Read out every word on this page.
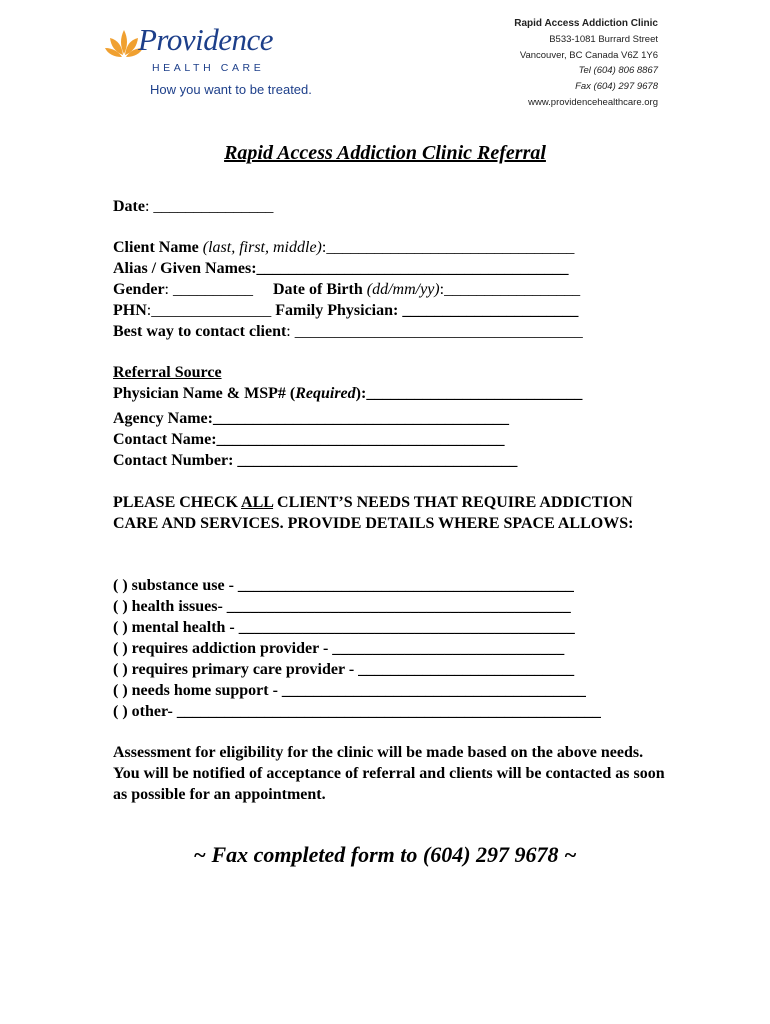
Providence
HEALTH CARE
How you want to be treated.
Rapid Access Addiction Clinic
B533-1081 Burrard Street
Vancouver, BC Canada V6Z 1Y6
Tel (604) 806 8867
Fax (604) 297 9678
www.providencehealthcare.org
Rapid Access Addiction Clinic Referral
Date: _______________
Client Name (last, first, middle):_______________________________
Alias / Given Names:_______________________________________
Gender: __________ Date of Birth (dd/mm/yy):_________________
PHN:_______________ Family Physician: ______________________
Best way to contact client: ____________________________________
Referral Source
Physician Name & MSP# (Required):___________________________
Agency Name:_____________________________________
Contact Name:____________________________________
Contact Number: ___________________________________
PLEASE CHECK ALL CLIENT’S NEEDS THAT REQUIRE ADDICTION CARE AND SERVICES. PROVIDE DETAILS WHERE SPACE ALLOWS:
( ) substance use - __________________________________________
( ) health issues- ___________________________________________
( ) mental health - __________________________________________
( ) requires addiction provider - _____________________________
( ) requires primary care provider - ___________________________
( ) needs home support - ______________________________________
( ) other- _____________________________________________________
Assessment for eligibility for the clinic will be made based on the above needs. You will be notified of acceptance of referral and clients will be contacted as soon as possible for an appointment.
~ Fax completed form to (604) 297 9678 ~
